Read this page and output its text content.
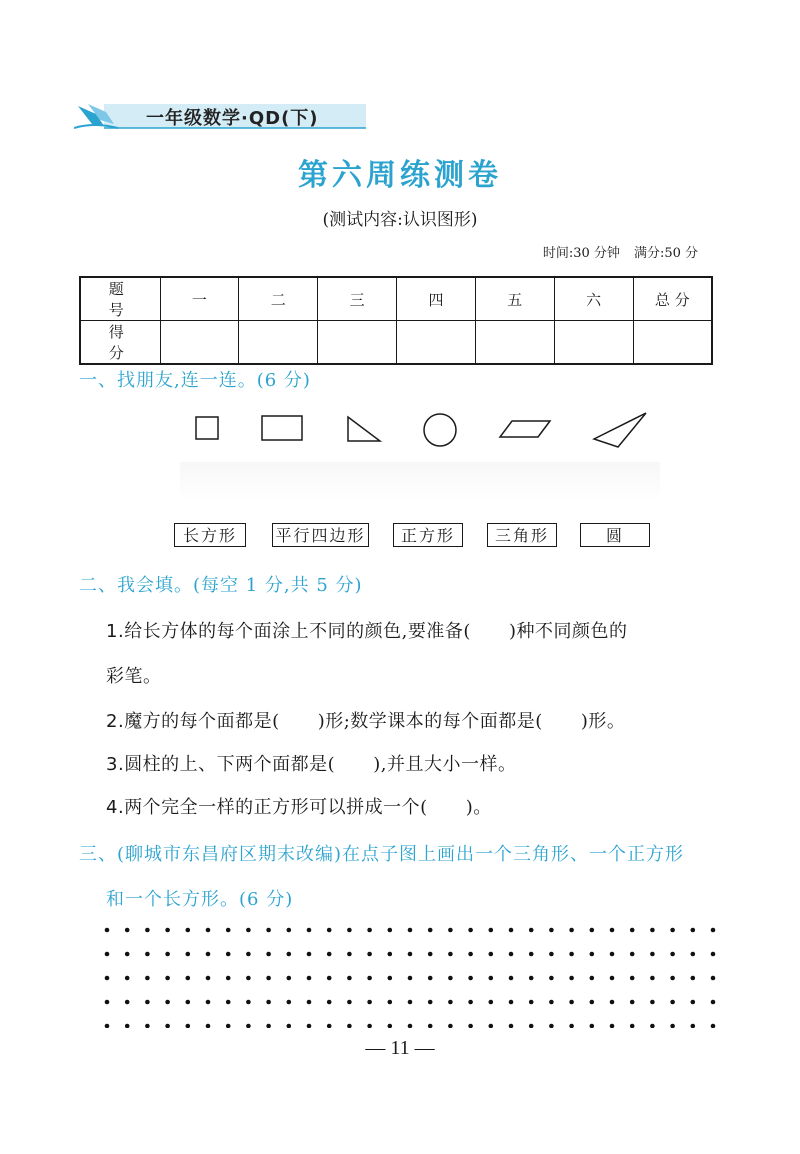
一年级数学·QD(下)
第六周练测卷
(测试内容:认识图形)
时间:30 分钟 满分:50 分
题 号	一	二	三	四	五	六	总 分
得 分							
一、找朋友,连一连。(6 分)
长方形	平行四边形	正方形	三角形	圆
二、我会填。(每空 1 分,共 5 分)
1.给长方体的每个面涂上不同的颜色,要准备( )种不同颜色的
彩笔。
2.魔方的每个面都是( )形;数学课本的每个面都是( )形。
3.圆柱的上、下两个面都是( ),并且大小一样。
4.两个完全一样的正方形可以拼成一个( )。
三、(聊城市东昌府区期末改编)在点子图上画出一个三角形、一个正方形
和一个长方形。(6 分)
— 11 —
